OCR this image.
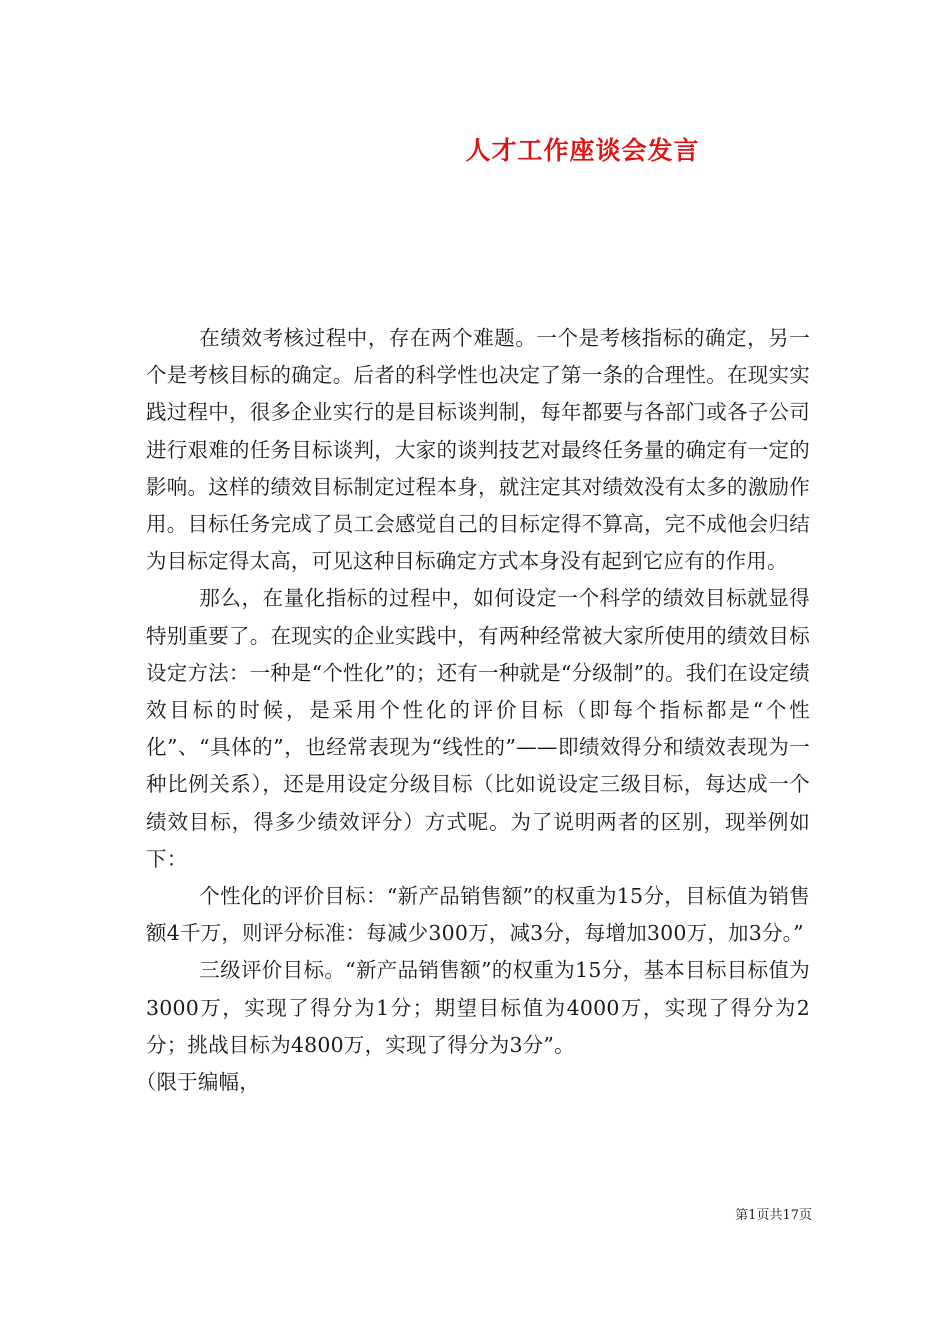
人才工作座谈会发言

在绩效考核过程中，存在两个难题。一个是考核指标的确定，另一个是考核目标的确定。后者的科学性也决定了第一条的合理性。在现实实践过程中，很多企业实行的是目标谈判制，每年都要与各部门或各子公司进行艰难的任务目标谈判，大家的谈判技艺对最终任务量的确定有一定的影响。这样的绩效目标制定过程本身，就注定其对绩效没有太多的激励作用。目标任务完成了员工会感觉自己的目标定得不算高，完不成他会归结为目标定得太高，可见这种目标确定方式本身没有起到它应有的作用。

那么，在量化指标的过程中，如何设定一个科学的绩效目标就显得特别重要了。在现实的企业实践中，有两种经常被大家所使用的绩效目标设定方法：一种是“个性化”的；还有一种就是“分级制”的。我们在设定绩效目标的时候，是采用个性化的评价目标（即每个指标都是“个性化”、“具体的”，也经常表现为“线性的”——即绩效得分和绩效表现为一种比例关系），还是用设定分级目标（比如说设定三级目标，每达成一个绩效目标，得多少绩效评分）方式呢。为了说明两者的区别，现举例如下：

个性化的评价目标：“新产品销售额”的权重为15分，目标值为销售额4千万，则评分标准：每减少300万，减3分，每增加300万，加3分。”

三级评价目标。“新产品销售额”的权重为15分，基本目标目标值为3000万，实现了得分为1分；期望目标值为4000万，实现了得分为2分；挑战目标为4800万，实现了得分为3分”。

（限于编幅，

第1页共17页
